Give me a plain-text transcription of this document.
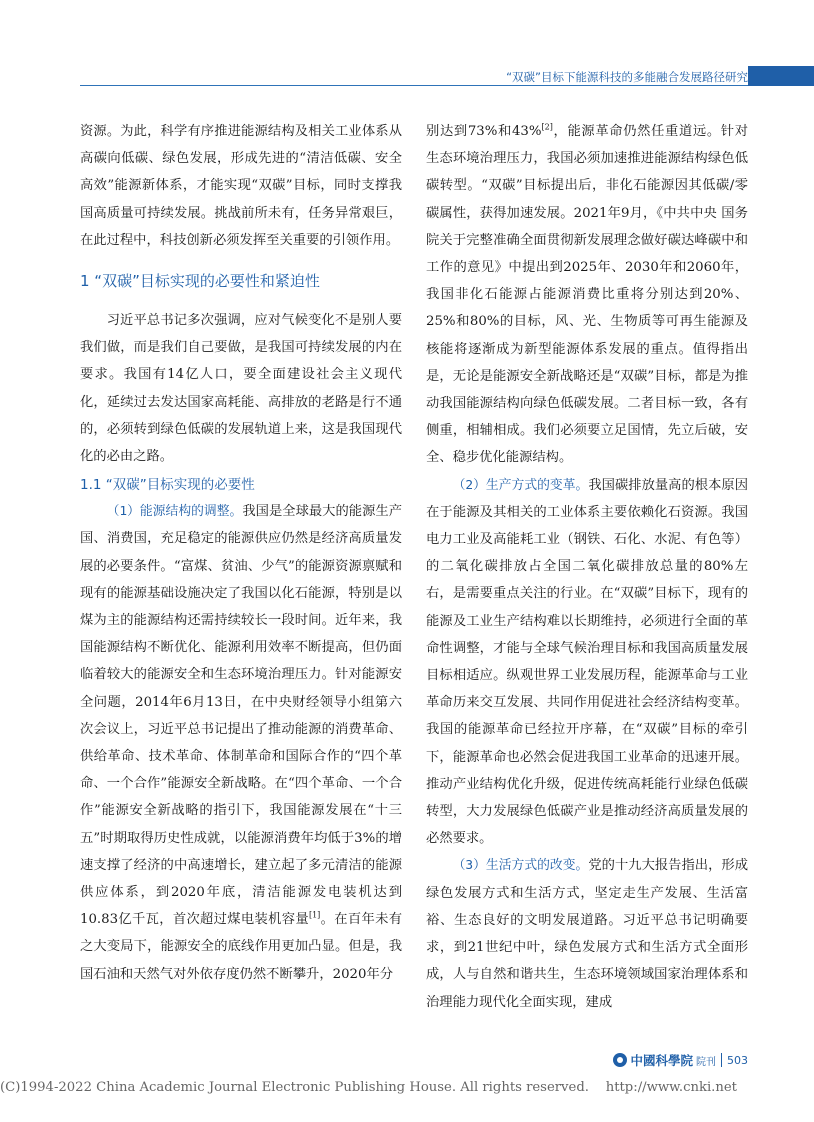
“双碳”目标下能源科技的多能融合发展路径研究

资源。为此，科学有序推进能源结构及相关工业体系从高碳向低碳、绿色发展，形成先进的“清洁低碳、安全高效”能源新体系，才能实现“双碳”目标，同时支撑我国高质量可持续发展。挑战前所未有，任务异常艰巨，在此过程中，科技创新必须发挥至关重要的引领作用。

1 “双碳”目标实现的必要性和紧迫性

习近平总书记多次强调，应对气候变化不是别人要我们做，而是我们自己要做，是我国可持续发展的内在要求。我国有14亿人口，要全面建设社会主义现代化，延续过去发达国家高耗能、高排放的老路是行不通的，必须转到绿色低碳的发展轨道上来，这是我国现代化的必由之路。

1.1 “双碳”目标实现的必要性

（1）能源结构的调整。我国是全球最大的能源生产国、消费国，充足稳定的能源供应仍然是经济高质量发展的必要条件。“富煤、贫油、少气”的能源资源禀赋和现有的能源基础设施决定了我国以化石能源，特别是以煤为主的能源结构还需持续较长一段时间。近年来，我国能源结构不断优化、能源利用效率不断提高，但仍面临着较大的能源安全和生态环境治理压力。针对能源安全问题，2014年6月13日，在中央财经领导小组第六次会议上，习近平总书记提出了推动能源的消费革命、供给革命、技术革命、体制革命和国际合作的“四个革命、一个合作”能源安全新战略。在“四个革命、一个合作”能源安全新战略的指引下，我国能源发展在“十三五”时期取得历史性成就，以能源消费年均低于3%的增速支撑了经济的中高速增长，建立起了多元清洁的能源供应体系，到2020年底，清洁能源发电装机达到10.83亿千瓦，首次超过煤电装机容量[1]。在百年未有之大变局下，能源安全的底线作用更加凸显。但是，我国石油和天然气对外依存度仍然不断攀升，2020年分

别达到73%和43%[2]，能源革命仍然任重道远。针对生态环境治理压力，我国必须加速推进能源结构绿色低碳转型。“双碳”目标提出后，非化石能源因其低碳/零碳属性，获得加速发展。2021年9月，《中共中央 国务院关于完整准确全面贯彻新发展理念做好碳达峰碳中和工作的意见》中提出到2025年、2030年和2060年，我国非化石能源占能源消费比重将分别达到20%、25%和80%的目标，风、光、生物质等可再生能源及核能将逐渐成为新型能源体系发展的重点。值得指出是，无论是能源安全新战略还是“双碳”目标，都是为推动我国能源结构向绿色低碳发展。二者目标一致，各有侧重，相辅相成。我们必须要立足国情，先立后破，安全、稳步优化能源结构。

（2）生产方式的变革。我国碳排放量高的根本原因在于能源及其相关的工业体系主要依赖化石资源。我国电力工业及高能耗工业（钢铁、石化、水泥、有色等）的二氧化碳排放占全国二氧化碳排放总量的80%左右，是需要重点关注的行业。在“双碳”目标下，现有的能源及工业生产结构难以长期维持，必须进行全面的革命性调整，才能与全球气候治理目标和我国高质量发展目标相适应。纵观世界工业发展历程，能源革命与工业革命历来交互发展、共同作用促进社会经济结构变革。我国的能源革命已经拉开序幕，在“双碳”目标的牵引下，能源革命也必然会促进我国工业革命的迅速开展。推动产业结构优化升级，促进传统高耗能行业绿色低碳转型，大力发展绿色低碳产业是推动经济高质量发展的必然要求。

（3）生活方式的改变。党的十九大报告指出，形成绿色发展方式和生活方式，坚定走生产发展、生活富裕、生态良好的文明发展道路。习近平总书记明确要求，到21世纪中叶，绿色发展方式和生活方式全面形成，人与自然和谐共生，生态环境领域国家治理体系和治理能力现代化全面实现，建成

中國科學院 院刊 503
(C)1994-2022 China Academic Journal Electronic Publishing House. All rights reserved.    http://www.cnki.net
